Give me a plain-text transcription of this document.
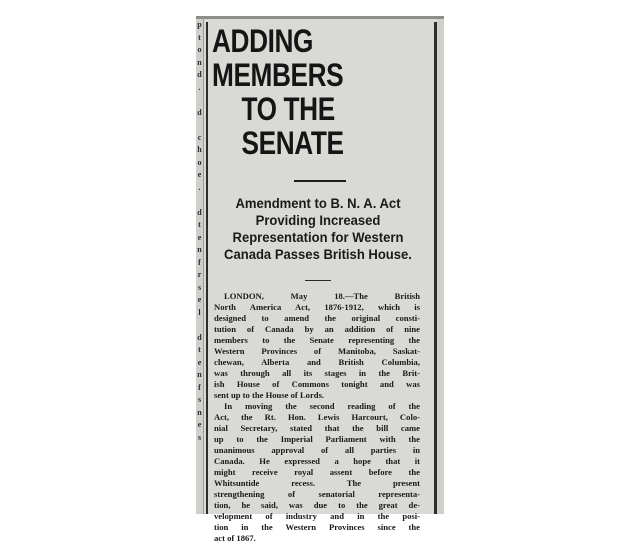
p
t
o
n
d
.

d

c
h
o
e
.

d
t
e
n
f
r
s
e
l

d
t
e
n
f
s
n
e
s
ADDING MEMBERS
TO THE SENATE
Amendment to B. N. A. Act Providing Increased Representation for Western Canada Passes British House.
LONDON, May 18.—The British
North America Act, 1876-1912, which is
designed to amend the original consti-
tution of Canada by an addition of nine
members to the Senate representing the
Western Provinces of Manitoba, Saskat-
chewan, Alberta and British Columbia,
was through all its stages in the Brit-
ish House of Commons tonight and was
sent up to the House of Lords.
In moving the second reading of the
Act, the Rt. Hon. Lewis Harcourt, Colo-
nial Secretary, stated that the bill came
up to the Imperial Parliament with the
unanimous approval of all parties in
Canada. He expressed a hope that it
might receive royal assent before the
Whitsuntide recess. The present
strengthening of senatorial representa-
tion, he said, was due to the great de-
velopment of industry and in the posi-
tion in the Western Provinces since the
act of 1867.
